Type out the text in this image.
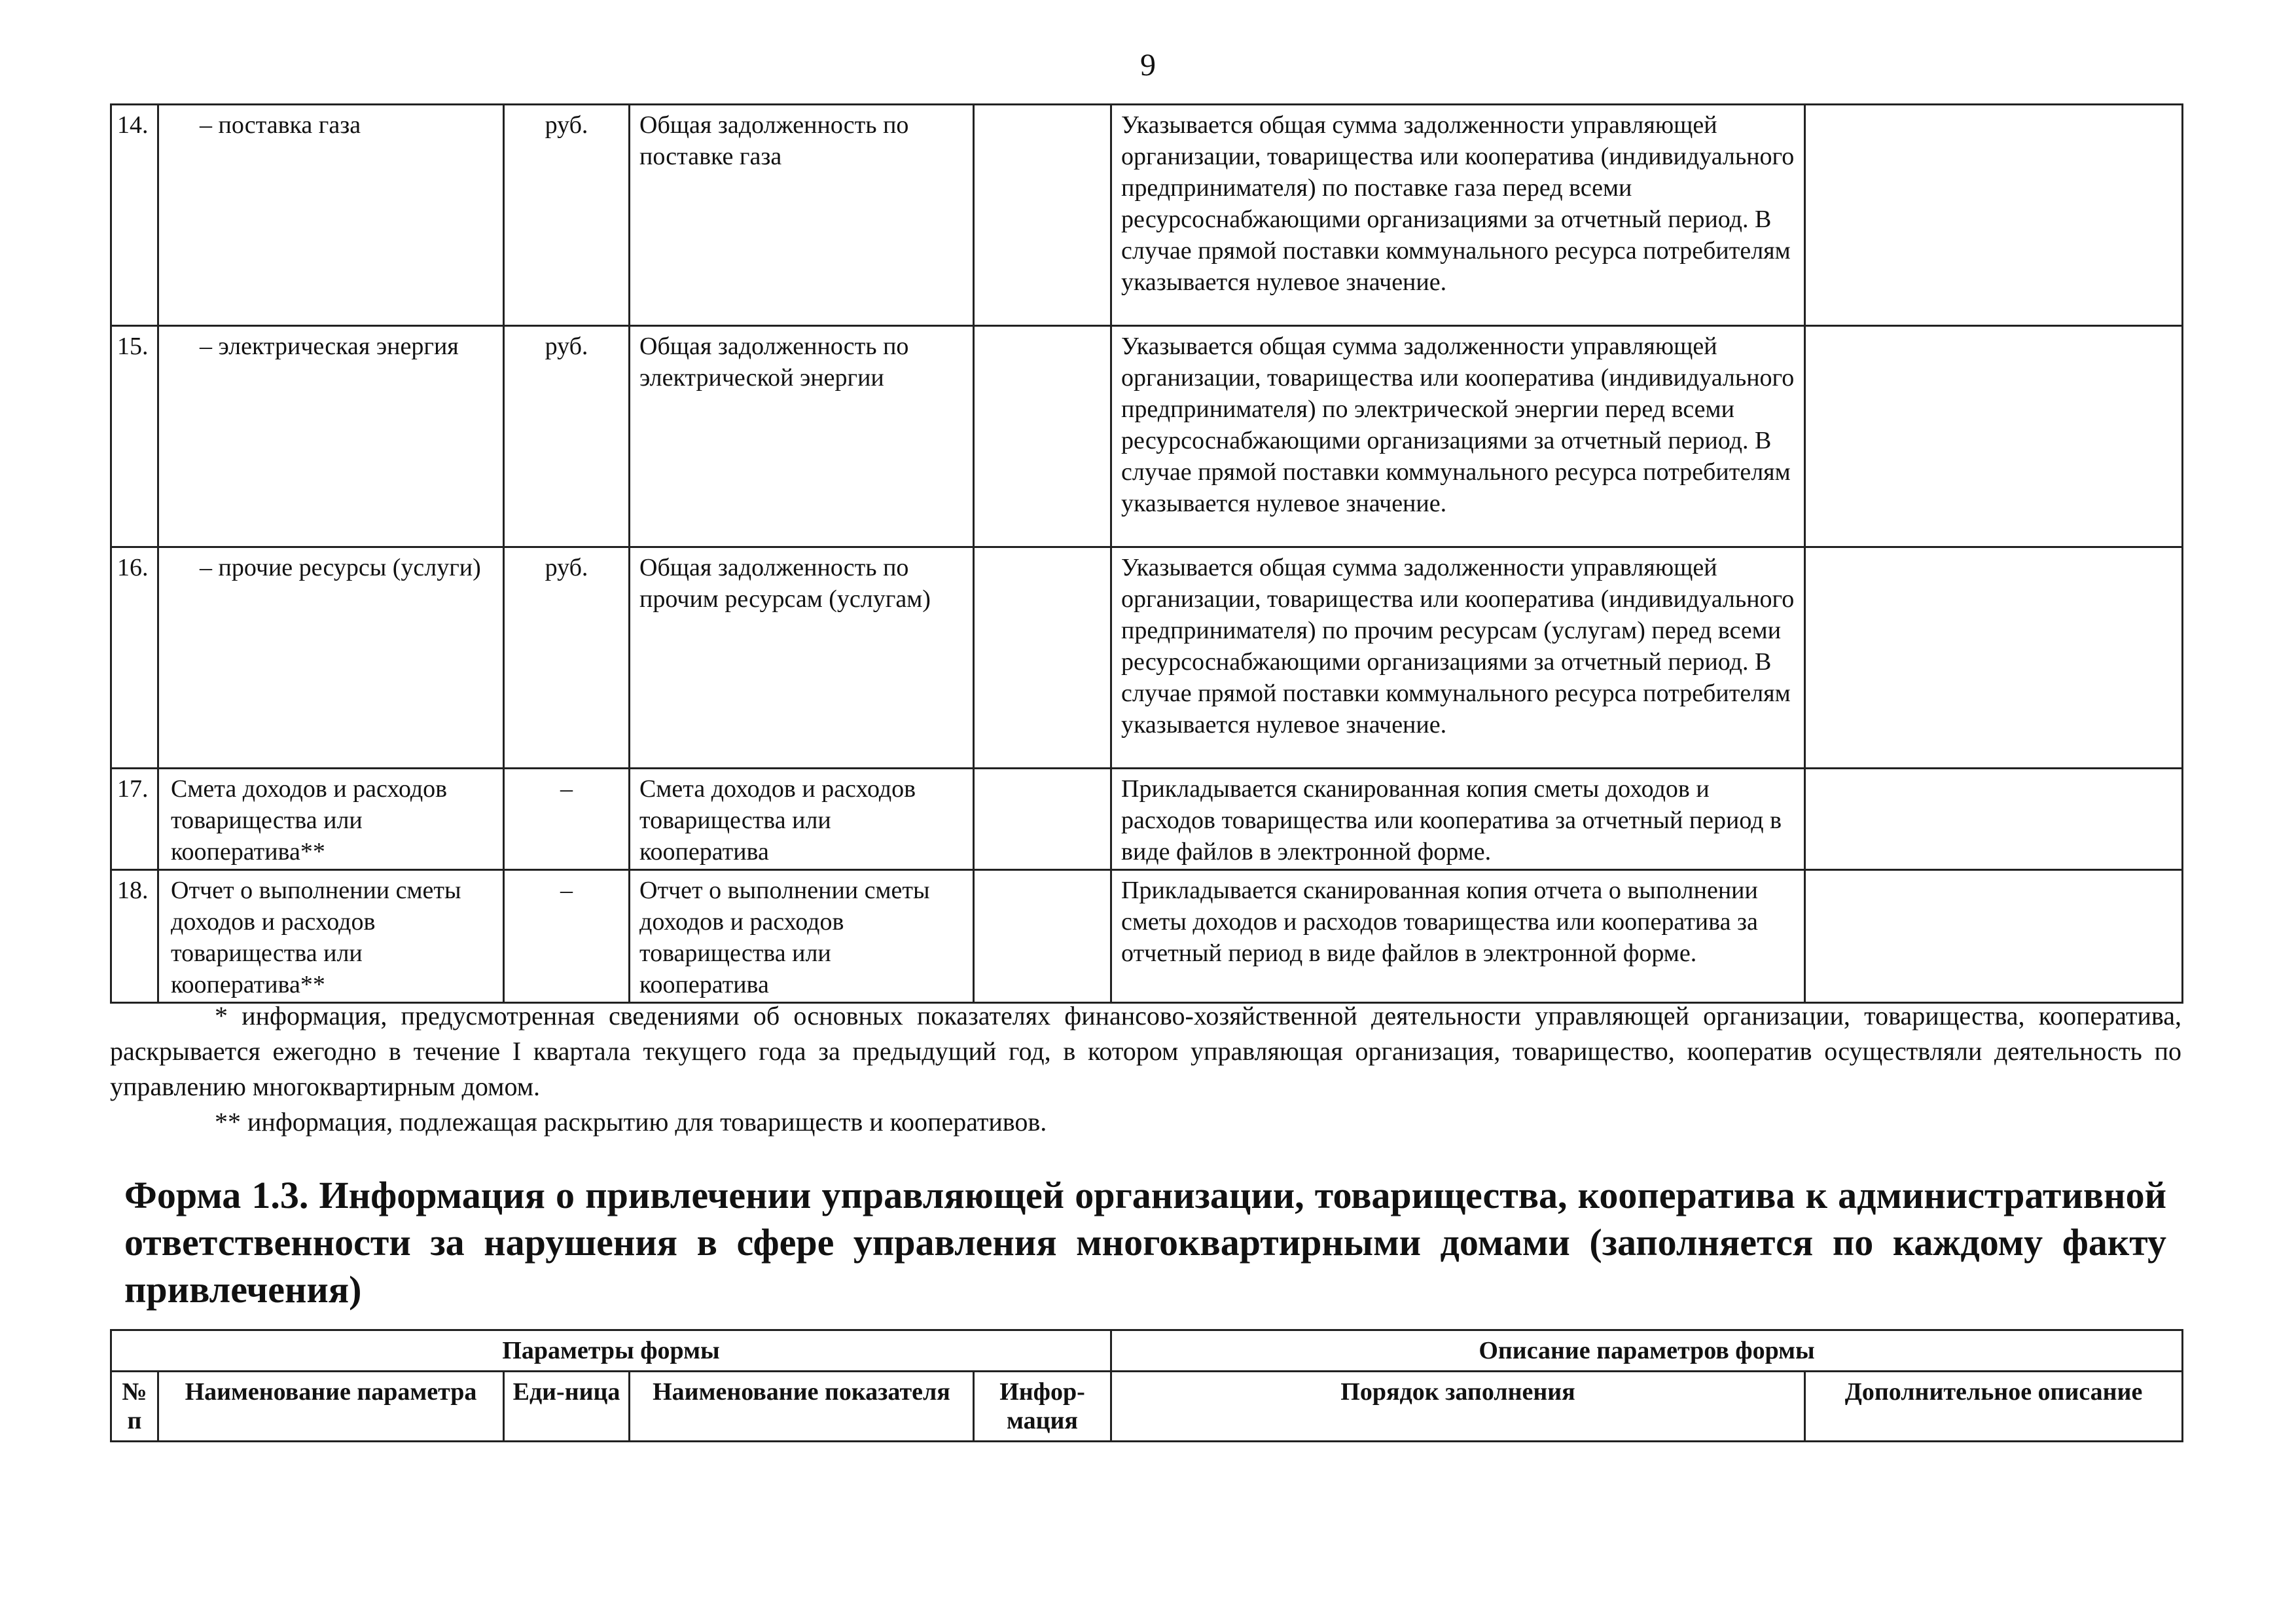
9
14.	– поставка газа	руб.	Общая задолженность по поставке газа		Указывается общая сумма задолженности управляющей организации, товарищества или кооператива (индивидуального предпринимателя) по поставке газа перед всеми ресурсоснабжающими организациями за отчетный период. В случае прямой поставки коммунального ресурса потребителям указывается нулевое значение.	
15.	– электрическая энергия	руб.	Общая задолженность по электрической энергии		Указывается общая сумма задолженности управляющей организации, товарищества или кооператива (индивидуального предпринимателя) по электрической энергии перед всеми ресурсоснабжающими организациями за отчетный период. В случае прямой поставки коммунального ресурса потребителям указывается нулевое значение.	
16.	– прочие ресурсы (услуги)	руб.	Общая задолженность по прочим ресурсам (услугам)		Указывается общая сумма задолженности управляющей организации, товарищества или кооператива (индивидуального предпринимателя) по прочим ресурсам (услугам) перед всеми ресурсоснабжающими организациями за отчетный период. В случае прямой поставки коммунального ресурса потребителям указывается нулевое значение.	
17.	Смета доходов и расходов товарищества или кооператива**	–	Смета доходов и расходов товарищества или кооператива		Прикладывается сканированная копия сметы доходов и расходов товарищества или кооператива за отчетный период в виде файлов в электронной форме.	
18.	Отчет о выполнении сметы доходов и расходов товарищества или кооператива**	–	Отчет о выполнении сметы доходов и расходов товарищества или кооператива		Прикладывается сканированная копия отчета о выполнении сметы доходов и расходов товарищества или кооператива за отчетный период в виде файлов в электронной форме.	

* информация, предусмотренная сведениями об основных показателях финансово-хозяйственной деятельности управляющей организации, товарищества, кооператива, раскрывается ежегодно в течение I квартала текущего года за предыдущий год, в котором управляющая организация, товарищество, кооператив осуществляли деятельность по управлению многоквартирным домом.

** информация, подлежащая раскрытию для товариществ и кооперативов.

Форма 1.3. Информация о привлечении управляющей организации, товарищества, кооператива к административной ответственности за нарушения в сфере управления многоквартирными домами (заполняется по каждому факту привлечения)
Параметры формы					Описание параметров формы	
№ п	Наименование параметра	Еди-ница	Наименование показателя	Инфор-мация	Порядок заполнения	Дополнительное описание
